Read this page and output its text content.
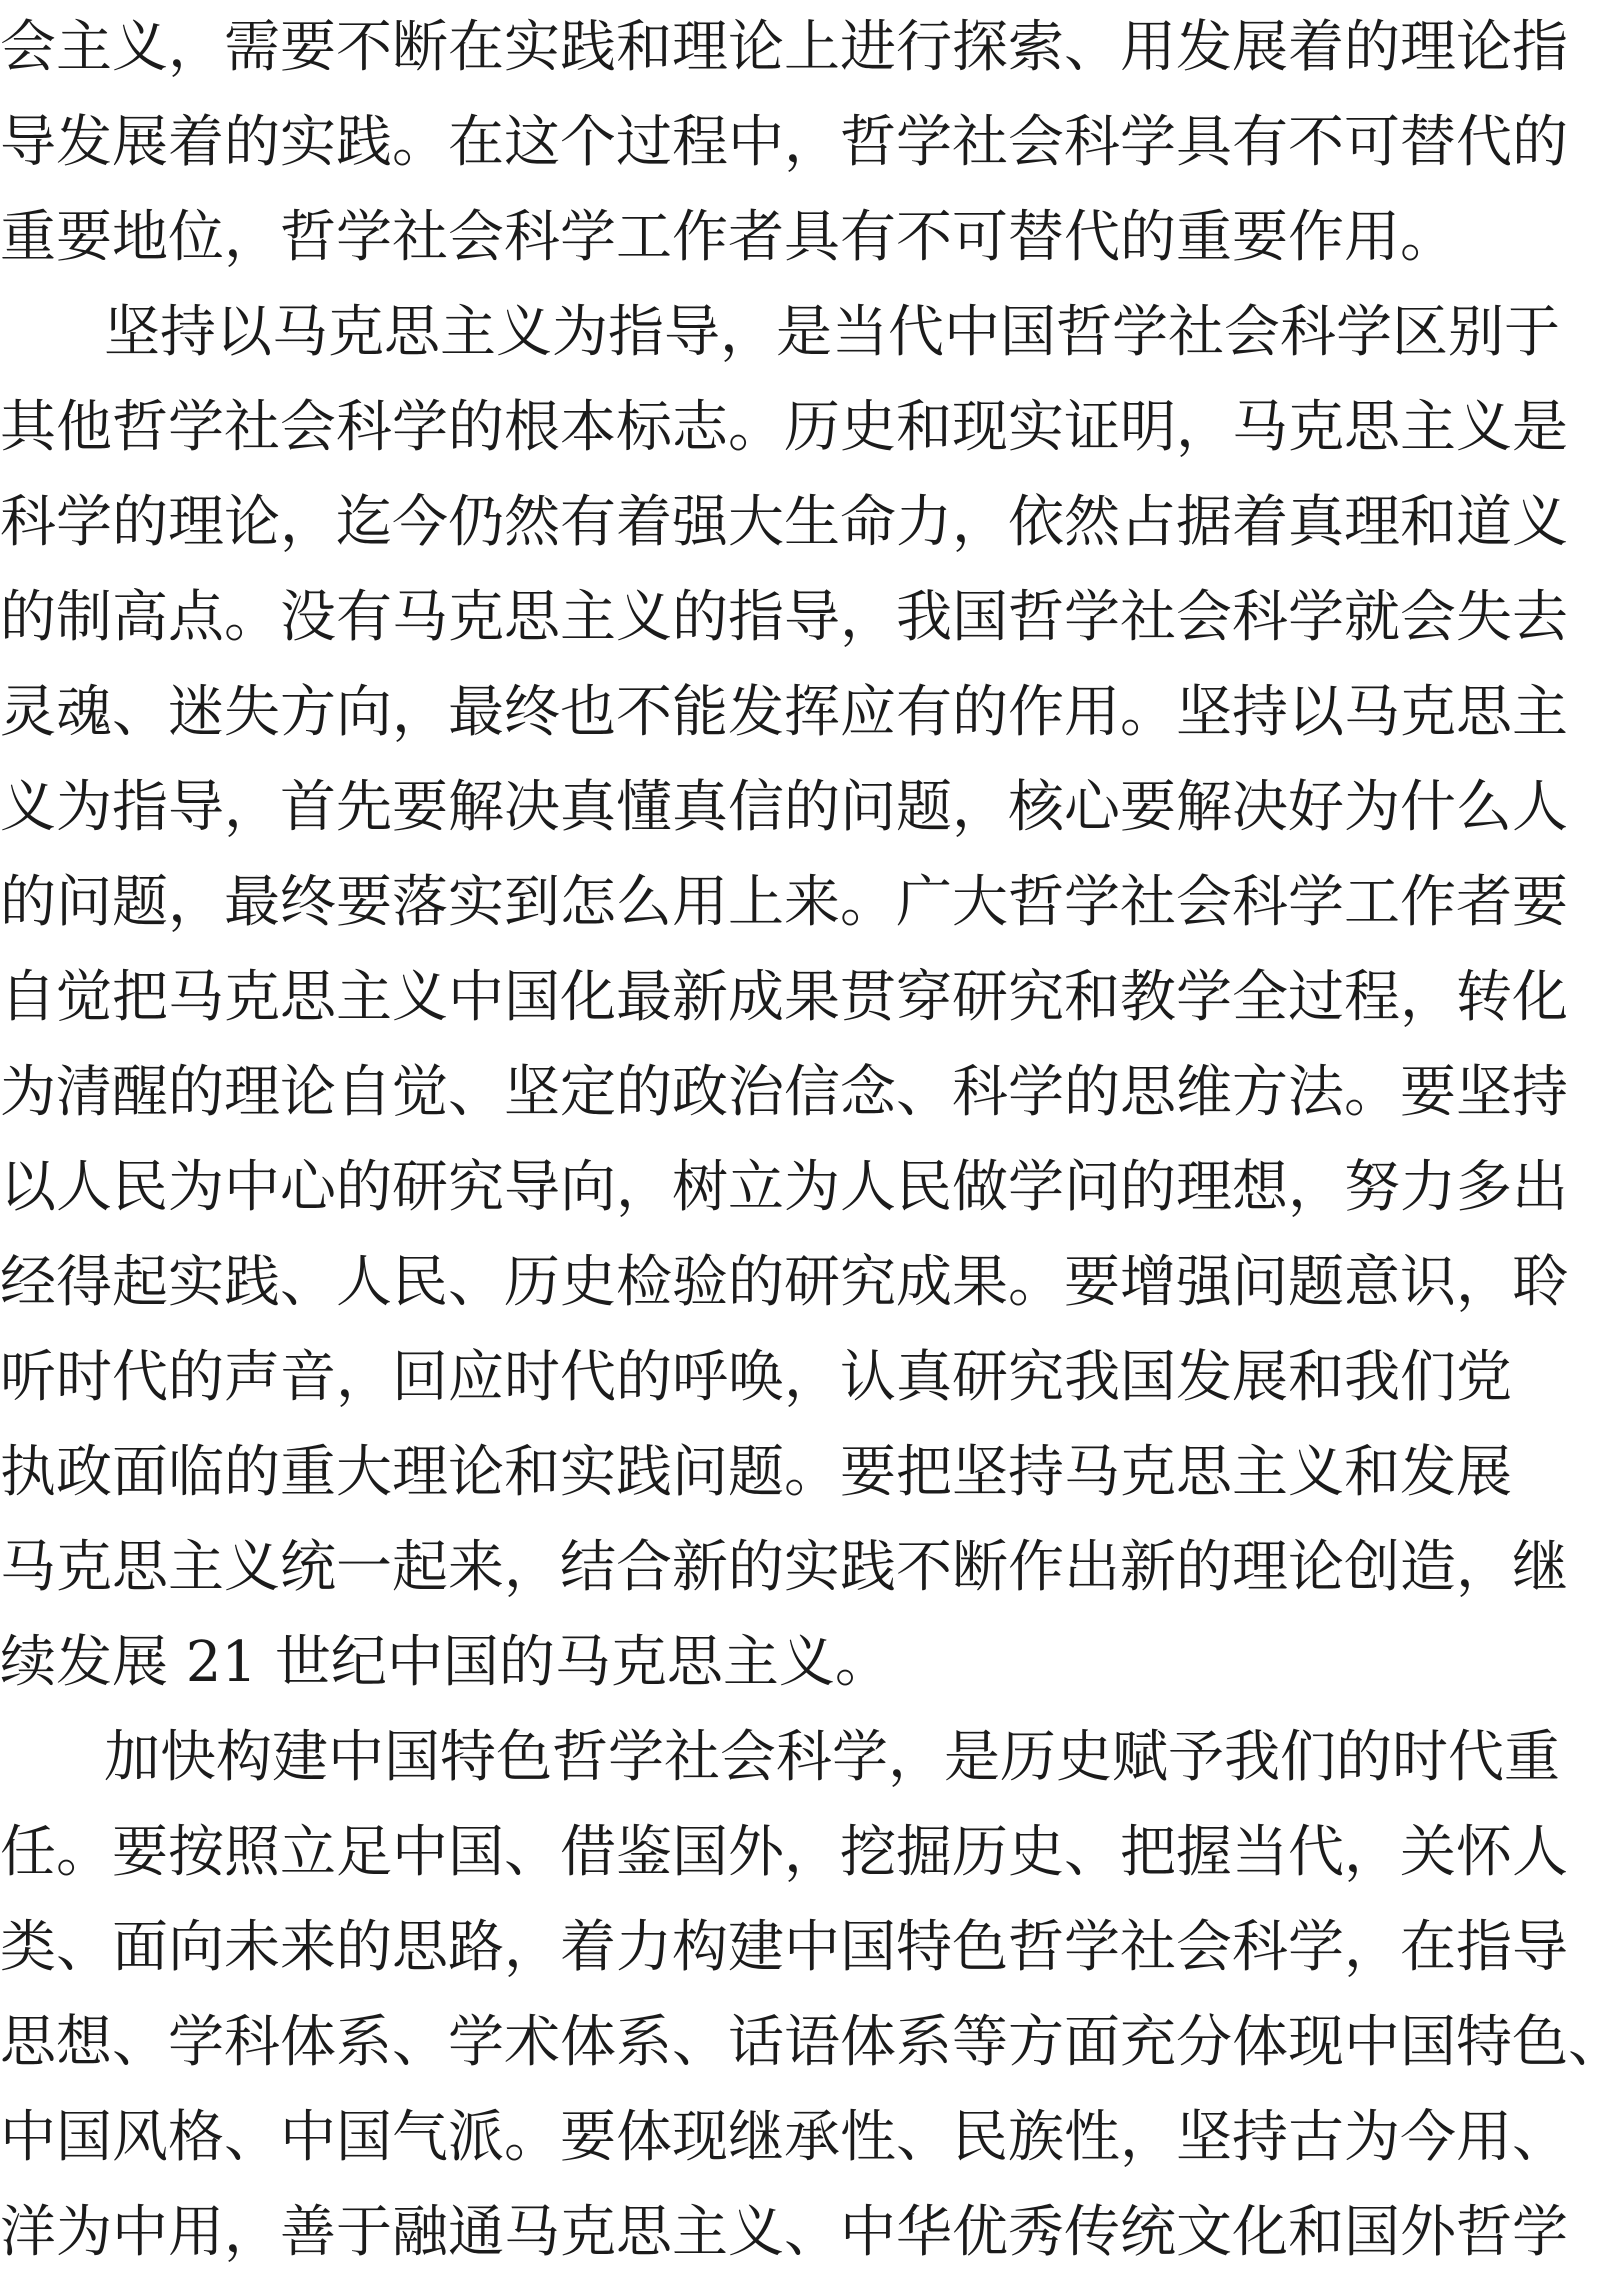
会主义，需要不断在实践和理论上进行探索、用发展着的理论指
导发展着的实践。在这个过程中，哲学社会科学具有不可替代的
重要地位，哲学社会科学工作者具有不可替代的重要作用。
坚持以马克思主义为指导，是当代中国哲学社会科学区别于
其他哲学社会科学的根本标志。历史和现实证明，马克思主义是
科学的理论，迄今仍然有着强大生命力，依然占据着真理和道义
的制高点。没有马克思主义的指导，我国哲学社会科学就会失去
灵魂、迷失方向，最终也不能发挥应有的作用。坚持以马克思主
义为指导，首先要解决真懂真信的问题，核心要解决好为什么人
的问题，最终要落实到怎么用上来。广大哲学社会科学工作者要
自觉把马克思主义中国化最新成果贯穿研究和教学全过程，转化
为清醒的理论自觉、坚定的政治信念、科学的思维方法。要坚持
以人民为中心的研究导向，树立为人民做学问的理想，努力多出
经得起实践、人民、历史检验的研究成果。要增强问题意识，聆
听时代的声音，回应时代的呼唤，认真研究我国发展和我们党
执政面临的重大理论和实践问题。要把坚持马克思主义和发展
马克思主义统一起来，结合新的实践不断作出新的理论创造，继
续发展 21 世纪中国的马克思主义。
加快构建中国特色哲学社会科学，是历史赋予我们的时代重
任。要按照立足中国、借鉴国外，挖掘历史、把握当代，关怀人
类、面向未来的思路，着力构建中国特色哲学社会科学，在指导
思想、学科体系、学术体系、话语体系等方面充分体现中国特色、
中国风格、中国气派。要体现继承性、民族性，坚持古为今用、
洋为中用，善于融通马克思主义、中华优秀传统文化和国外哲学
